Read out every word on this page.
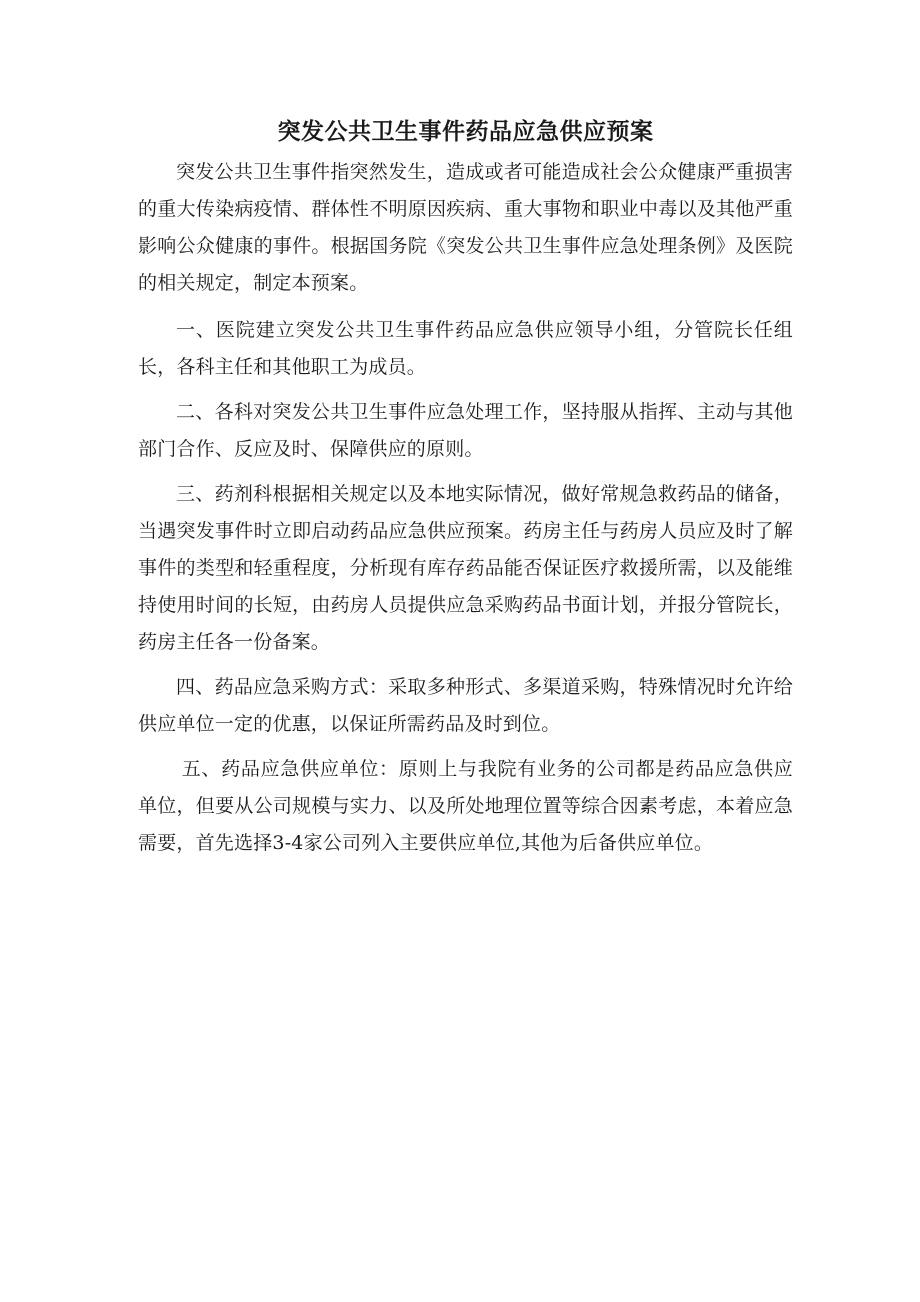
突发公共卫生事件药品应急供应预案

突发公共卫生事件指突然发生，造成或者可能造成社会公众健康严重损害的重大传染病疫情、群体性不明原因疾病、重大事物和职业中毒以及其他严重影响公众健康的事件。根据国务院《突发公共卫生事件应急处理条例》及医院的相关规定，制定本预案。

一、医院建立突发公共卫生事件药品应急供应领导小组，分管院长任组长，各科主任和其他职工为成员。

二、各科对突发公共卫生事件应急处理工作，坚持服从指挥、主动与其他部门合作、反应及时、保障供应的原则。

三、药剂科根据相关规定以及本地实际情况，做好常规急救药品的储备，当遇突发事件时立即启动药品应急供应预案。药房主任与药房人员应及时了解事件的类型和轻重程度，分析现有库存药品能否保证医疗救援所需，以及能维持使用时间的长短，由药房人员提供应急采购药品书面计划，并报分管院长，药房主任各一份备案。

四、药品应急采购方式：采取多种形式、多渠道采购，特殊情况时允许给供应单位一定的优惠，以保证所需药品及时到位。

五、药品应急供应单位：原则上与我院有业务的公司都是药品应急供应单位，但要从公司规模与实力、以及所处地理位置等综合因素考虑，本着应急需要，首先选择3-4家公司列入主要供应单位,其他为后备供应单位。
